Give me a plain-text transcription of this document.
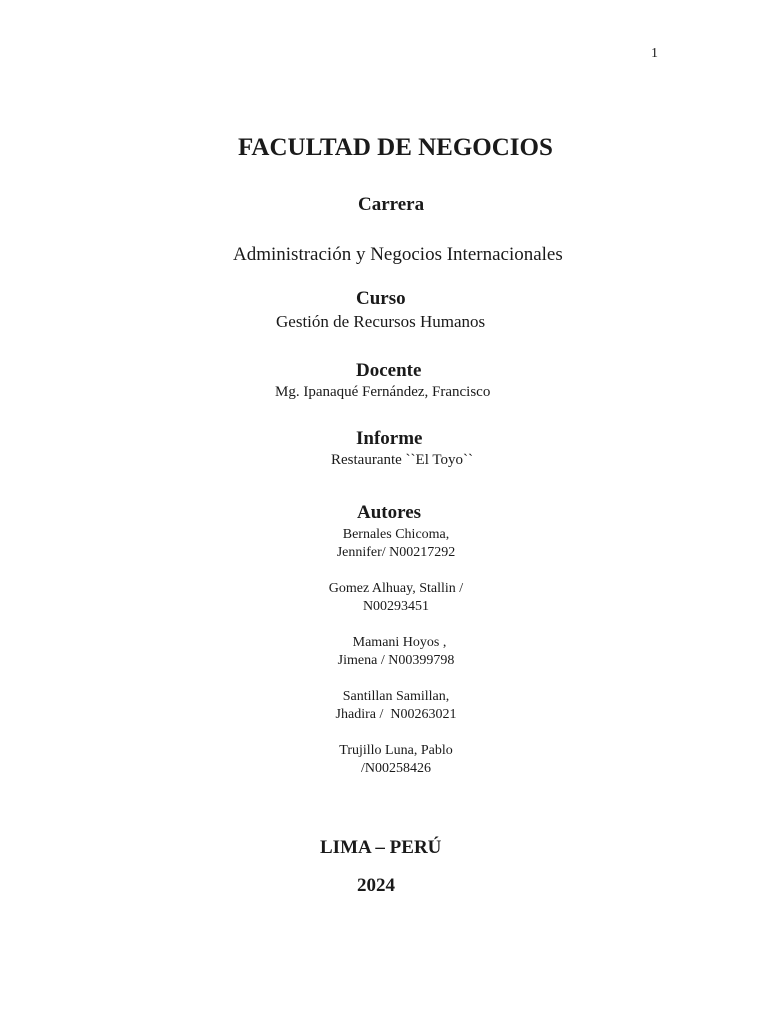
1
FACULTAD DE NEGOCIOS
Carrera
Administración y Negocios Internacionales
Curso
Gestión de Recursos Humanos
Docente
Mg. Ipanaqué Fernández, Francisco
Informe
Restaurante ``El Toyo``
Autores
Bernales Chicoma,
Jennifer/ N00217292
Gomez Alhuay, Stallin /
N00293451
Mamani Hoyos ,
Jimena / N00399798
Santillan Samillan,
Jhadira /  N00263021
Trujillo Luna, Pablo
/N00258426
LIMA – PERÚ
2024
